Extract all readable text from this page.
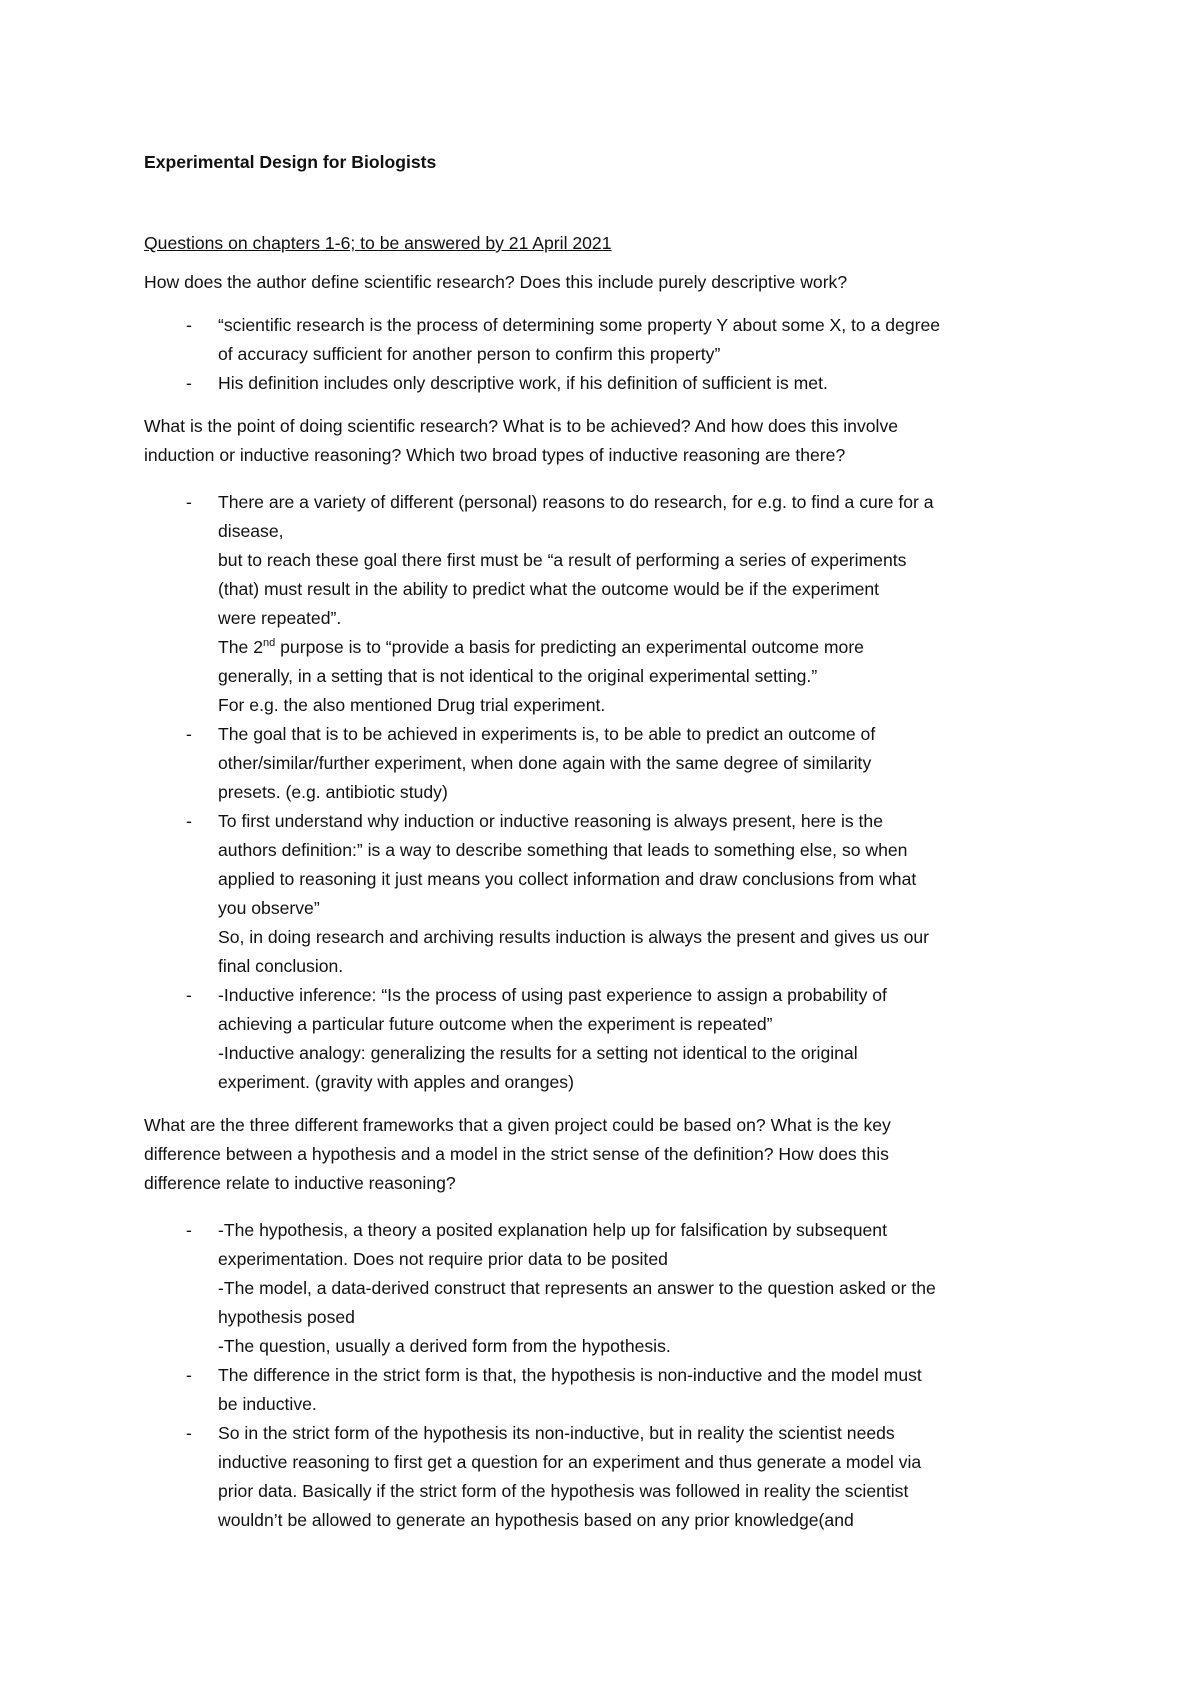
Experimental Design for Biologists
Questions on chapters 1-6; to be answered by 21 April 2021
How does the author define scientific research? Does this include purely descriptive work?
- “scientific research is the process of determining some property Y about some X, to a degree
of accuracy sufficient for another person to confirm this property”
- His definition includes only descriptive work, if his definition of sufficient is met.
What is the point of doing scientific research? What is to be achieved? And how does this involve
induction or inductive reasoning? Which two broad types of inductive reasoning are there?
- There are a variety of different (personal) reasons to do research, for e.g. to find a cure for a
disease,
but to reach these goal there first must be “a result of performing a series of experiments
(that) must result in the ability to predict what the outcome would be if the experiment
were repeated”.
The 2nd purpose is to “provide a basis for predicting an experimental outcome more
generally, in a setting that is not identical to the original experimental setting.”
For e.g. the also mentioned Drug trial experiment.
- The goal that is to be achieved in experiments is, to be able to predict an outcome of
other/similar/further experiment, when done again with the same degree of similarity
presets. (e.g. antibiotic study)
- To first understand why induction or inductive reasoning is always present, here is the
authors definition:” is a way to describe something that leads to something else, so when
applied to reasoning it just means you collect information and draw conclusions from what
you observe”
So, in doing research and archiving results induction is always the present and gives us our
final conclusion.
- -Inductive inference: “Is the process of using past experience to assign a probability of
achieving a particular future outcome when the experiment is repeated”
-Inductive analogy: generalizing the results for a setting not identical to the original
experiment. (gravity with apples and oranges)
What are the three different frameworks that a given project could be based on? What is the key
difference between a hypothesis and a model in the strict sense of the definition? How does this
difference relate to inductive reasoning?
- -The hypothesis, a theory a posited explanation help up for falsification by subsequent
experimentation. Does not require prior data to be posited
-The model, a data-derived construct that represents an answer to the question asked or the
hypothesis posed
-The question, usually a derived form from the hypothesis.
- The difference in the strict form is that, the hypothesis is non-inductive and the model must
be inductive.
- So in the strict form of the hypothesis its non-inductive, but in reality the scientist needs
inductive reasoning to first get a question for an experiment and thus generate a model via
prior data. Basically if the strict form of the hypothesis was followed in reality the scientist
wouldn’t be allowed to generate an hypothesis based on any prior knowledge(and
